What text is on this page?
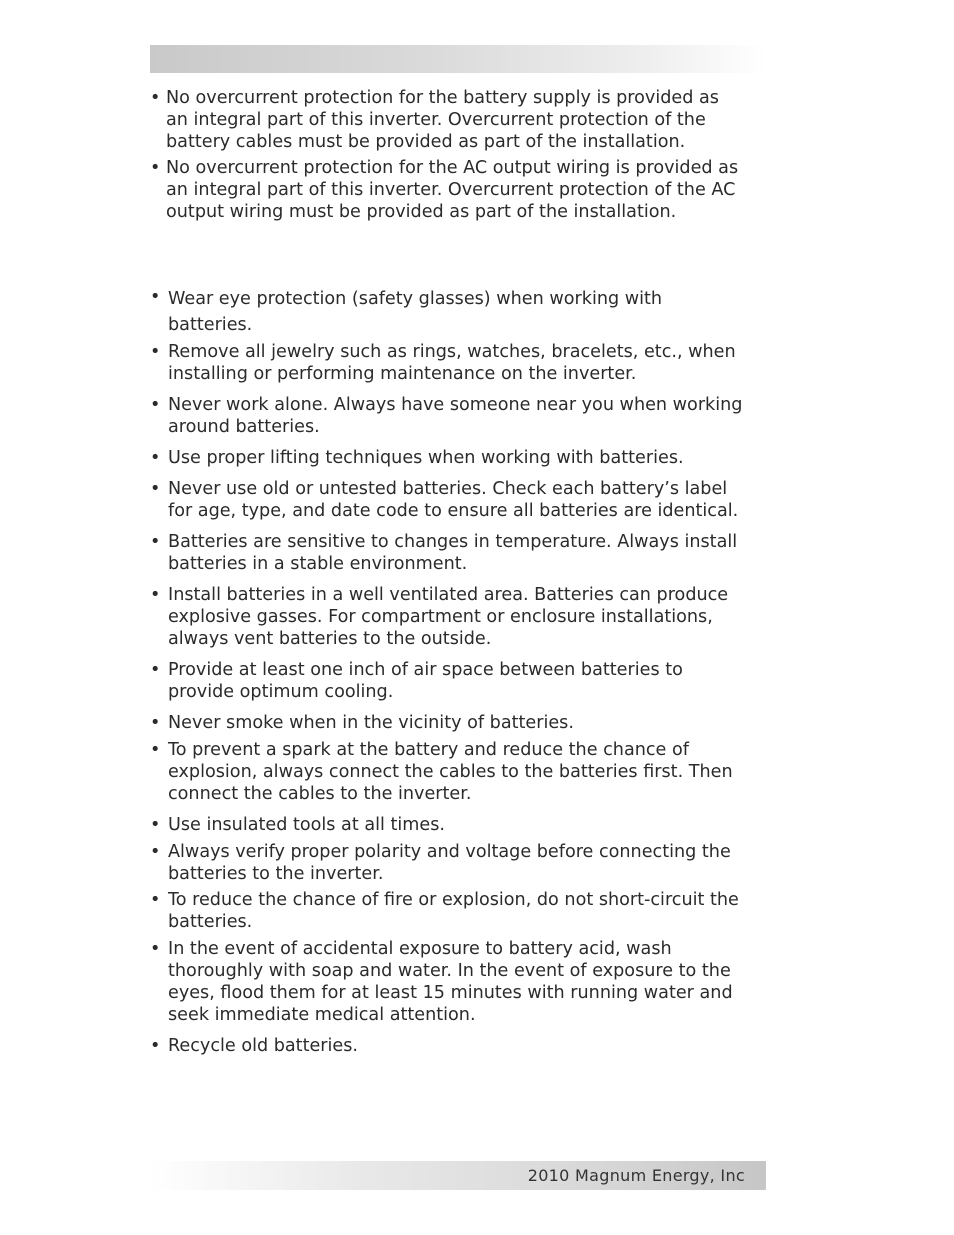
• No overcurrent protection for the battery supply is provided as
an integral part of this inverter. Overcurrent protection of the
battery cables must be provided as part of the installation.
• No overcurrent protection for the AC output wiring is provided as
an integral part of this inverter. Overcurrent protection of the AC
output wiring must be provided as part of the installation.
• Wear eye protection (safety glasses) when working with
batteries.
• Remove all jewelry such as rings, watches, bracelets, etc., when
installing or performing maintenance on the inverter.
• Never work alone. Always have someone near you when working
around batteries.
• Use proper lifting techniques when working with batteries.
• Never use old or untested batteries. Check each battery’s label
for age, type, and date code to ensure all batteries are identical.
• Batteries are sensitive to changes in temperature. Always install
batteries in a stable environment.
• Install batteries in a well ventilated area. Batteries can produce
explosive gasses. For compartment or enclosure installations,
always vent batteries to the outside.
• Provide at least one inch of air space between batteries to
provide optimum cooling.
• Never smoke when in the vicinity of batteries.
• To prevent a spark at the battery and reduce the chance of
explosion, always connect the cables to the batteries first. Then
connect the cables to the inverter.
• Use insulated tools at all times.
• Always verify proper polarity and voltage before connecting the
batteries to the inverter.
• To reduce the chance of fire or explosion, do not short-circuit the
batteries.
• In the event of accidental exposure to battery acid, wash
thoroughly with soap and water. In the event of exposure to the
eyes, flood them for at least 15 minutes with running water and
seek immediate medical attention.
• Recycle old batteries.
2010 Magnum Energy, Inc
